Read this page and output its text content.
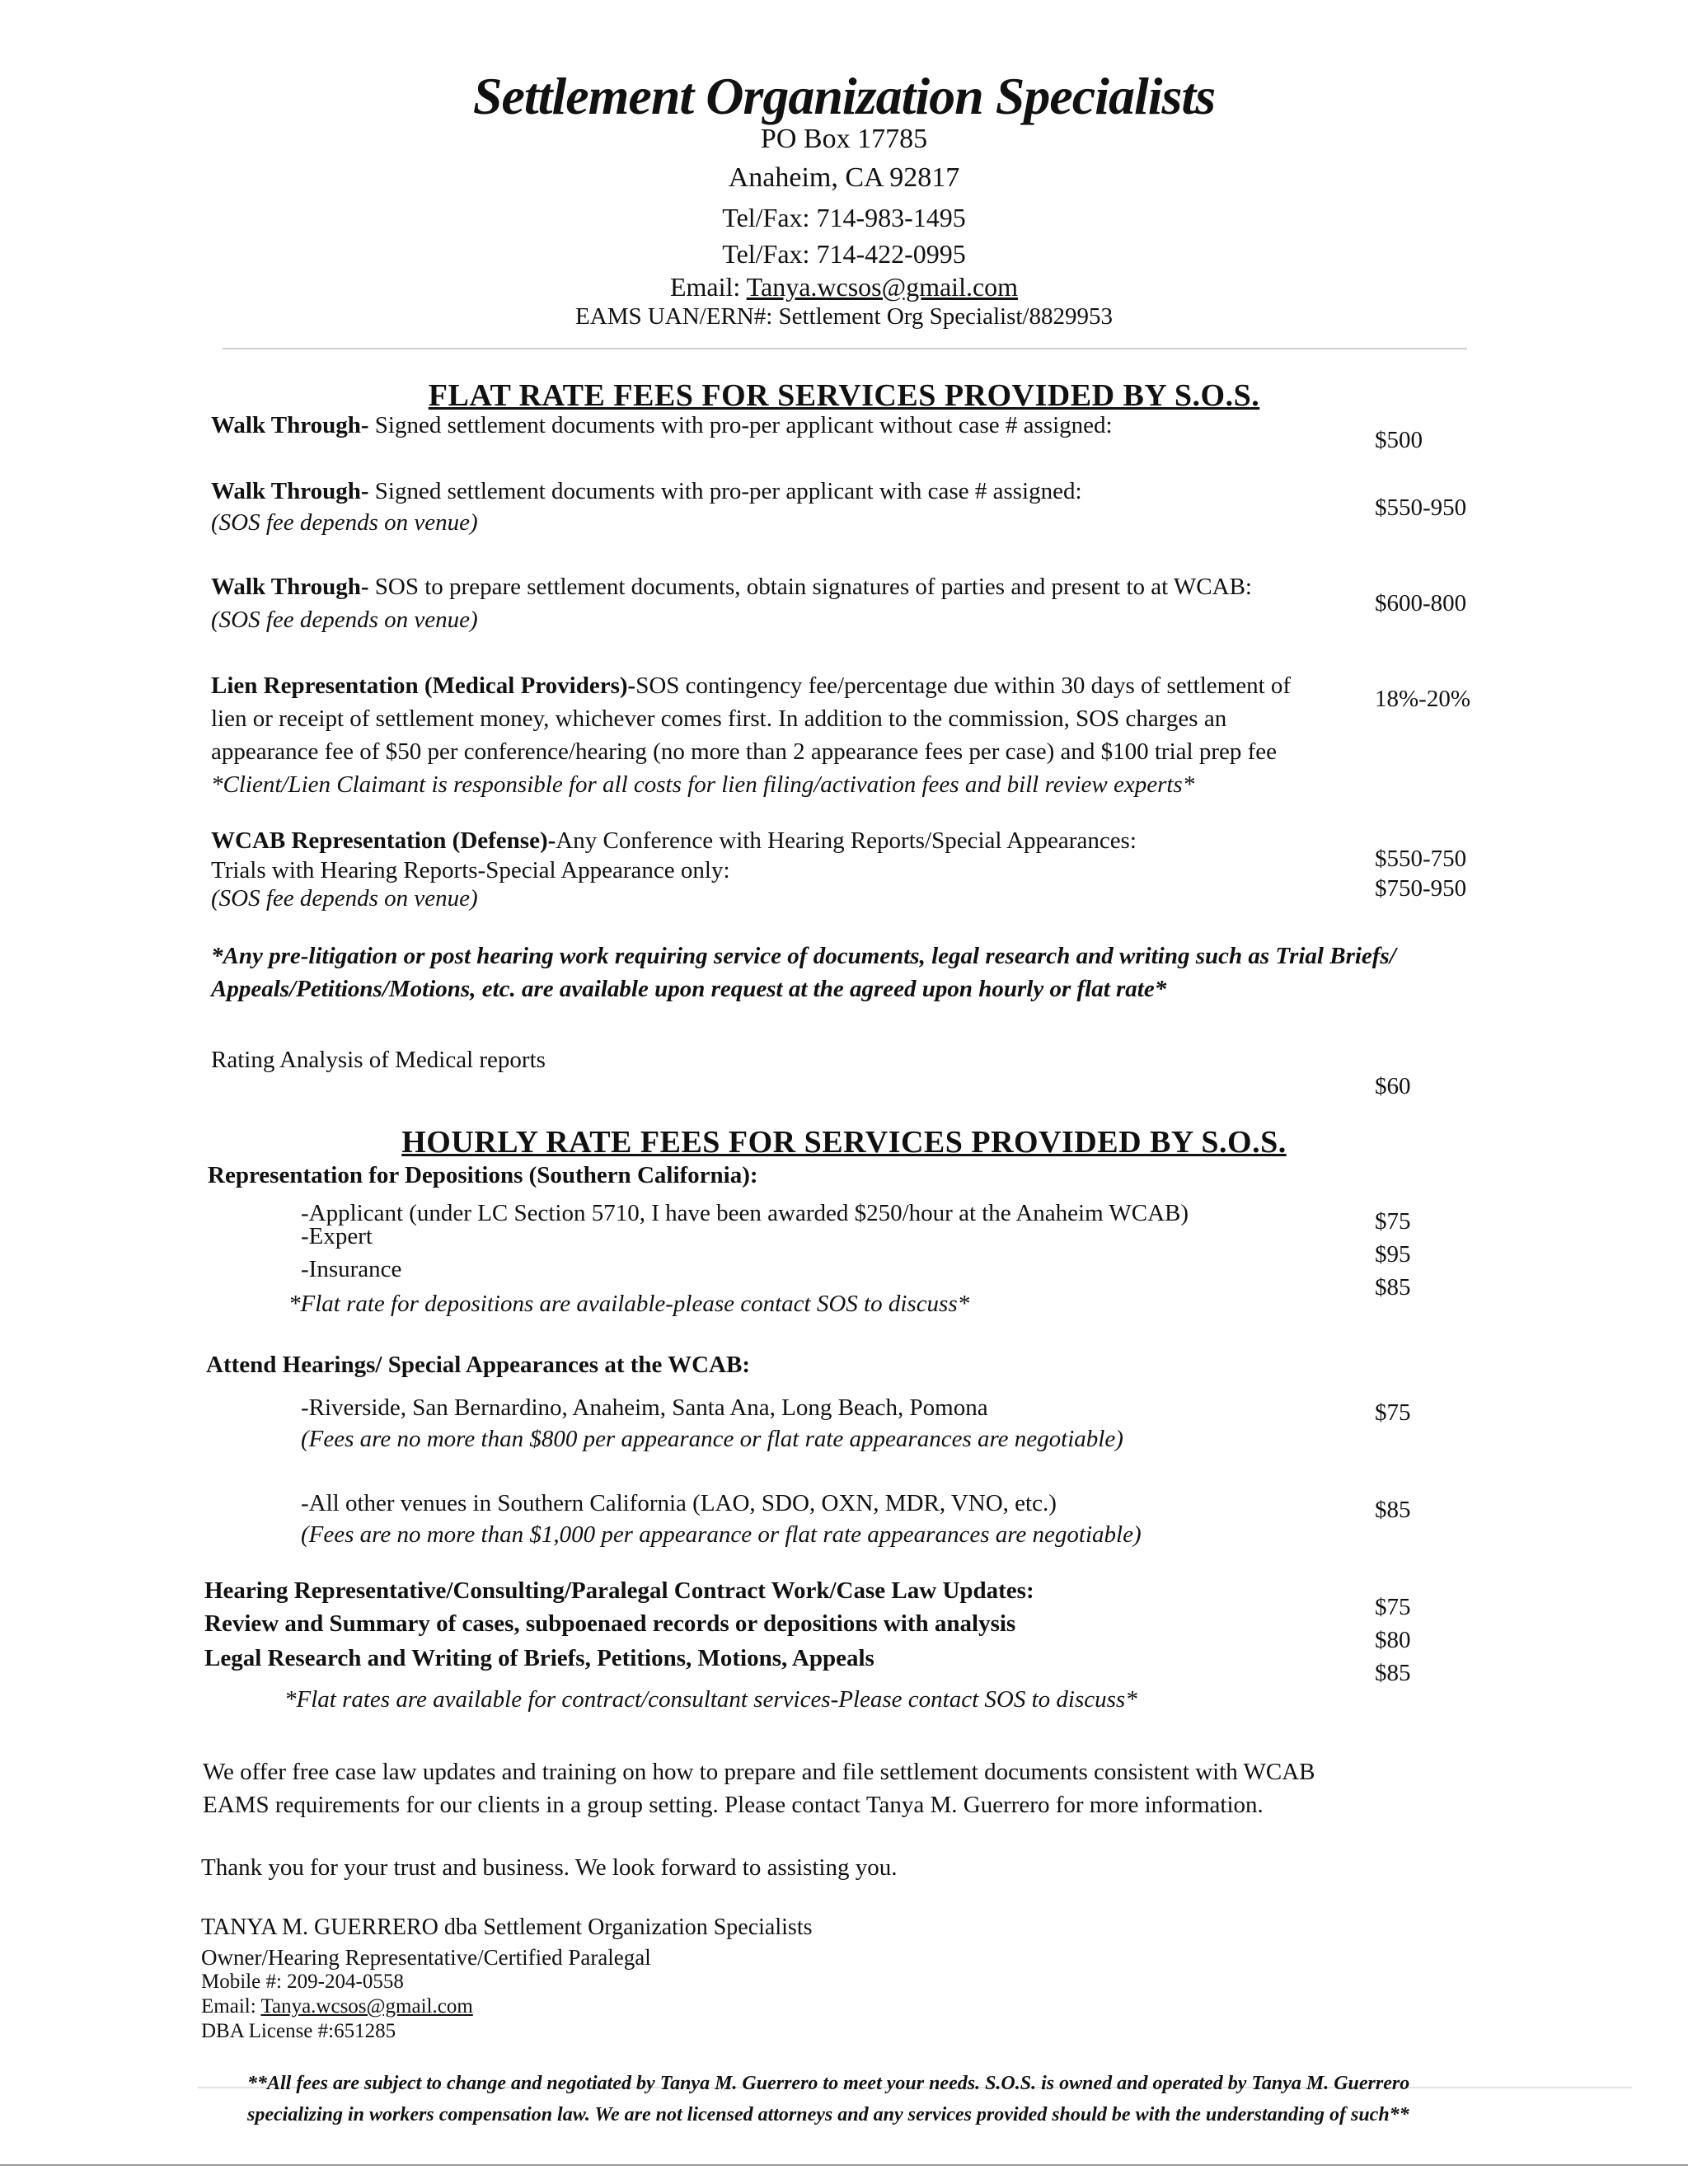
Settlement Organization Specialists
PO Box 17785
Anaheim, CA 92817
Tel/Fax: 714-983-1495
Tel/Fax: 714-422-0995
Email: Tanya.wcsos@gmail.com
EAMS UAN/ERN#: Settlement Org Specialist/8829953
FLAT RATE FEES FOR SERVICES PROVIDED BY S.O.S.
Walk Through- Signed settlement documents with pro-per applicant without case # assigned:
$500
Walk Through- Signed settlement documents with pro-per applicant with case # assigned:
(SOS fee depends on venue)
$550-950
Walk Through- SOS to prepare settlement documents, obtain signatures of parties and present to at WCAB:
(SOS fee depends on venue)
$600-800
Lien Representation (Medical Providers)-SOS contingency fee/percentage due within 30 days of settlement of
lien or receipt of settlement money, whichever comes first. In addition to the commission, SOS charges an
appearance fee of $50 per conference/hearing (no more than 2 appearance fees per case) and $100 trial prep fee
*Client/Lien Claimant is responsible for all costs for lien filing/activation fees and bill review experts*
18%-20%
WCAB Representation (Defense)-Any Conference with Hearing Reports/Special Appearances:
Trials with Hearing Reports-Special Appearance only:
(SOS fee depends on venue)
$550-750
$750-950
*Any pre-litigation or post hearing work requiring service of documents, legal research and writing such as Trial Briefs/
Appeals/Petitions/Motions, etc. are available upon request at the agreed upon hourly or flat rate*
Rating Analysis of Medical reports
$60
HOURLY RATE FEES FOR SERVICES PROVIDED BY S.O.S.
Representation for Depositions (Southern California):
-Applicant (under LC Section 5710, I have been awarded $250/hour at the Anaheim WCAB)
-Expert
-Insurance
*Flat rate for depositions are available-please contact SOS to discuss*
$75
$95
$85
Attend Hearings/ Special Appearances at the WCAB:
-Riverside, San Bernardino, Anaheim, Santa Ana, Long Beach, Pomona
(Fees are no more than $800 per appearance or flat rate appearances are negotiable)
$75
-All other venues in Southern California (LAO, SDO, OXN, MDR, VNO, etc.)
(Fees are no more than $1,000 per appearance or flat rate appearances are negotiable)
$85
Hearing Representative/Consulting/Paralegal Contract Work/Case Law Updates:
Review and Summary of cases, subpoenaed records or depositions with analysis
Legal Research and Writing of Briefs, Petitions, Motions, Appeals
*Flat rates are available for contract/consultant services-Please contact SOS to discuss*
$75
$80
$85
We offer free case law updates and training on how to prepare and file settlement documents consistent with WCAB
EAMS requirements for our clients in a group setting. Please contact Tanya M. Guerrero for more information.
Thank you for your trust and business. We look forward to assisting you.
TANYA M. GUERRERO dba Settlement Organization Specialists
Owner/Hearing Representative/Certified Paralegal
Mobile #: 209-204-0558
Email: Tanya.wcsos@gmail.com
DBA License #:651285
**All fees are subject to change and negotiated by Tanya M. Guerrero to meet your needs. S.O.S. is owned and operated by Tanya M. Guerrero
specializing in workers compensation law. We are not licensed attorneys and any services provided should be with the understanding of such**
